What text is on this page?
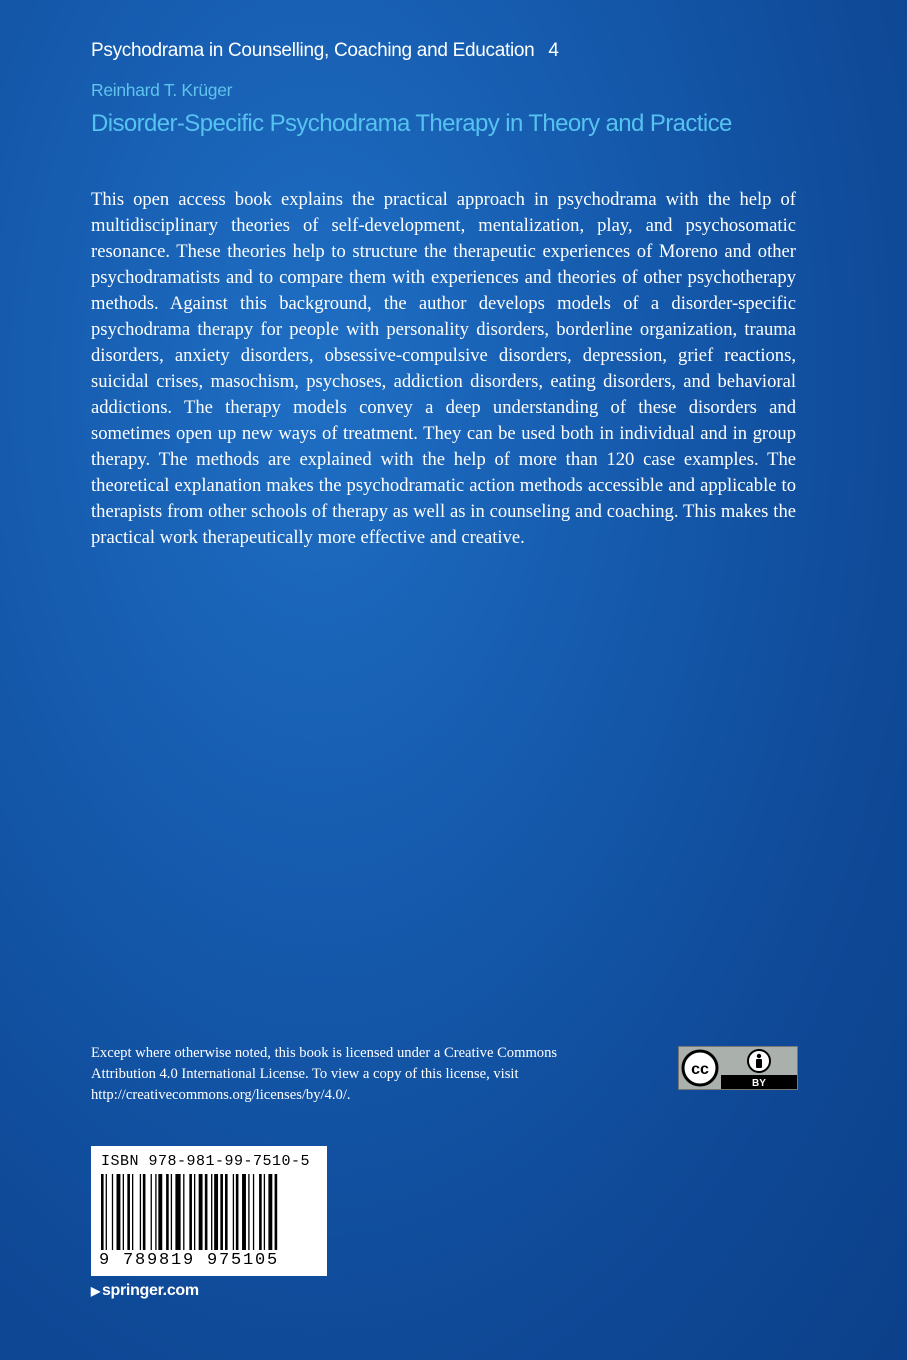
Psychodrama in Counselling, Coaching and Education 4
Reinhard T. Krüger
Disorder-Specific Psychodrama Therapy in Theory and Practice

This open access book explains the practical approach in psychodrama with the help of multidisciplinary theories of self-development, mentalization, play, and psychosomatic resonance. These theories help to structure the therapeutic experiences of Moreno and other psychodramatists and to compare them with experiences and theories of other psychotherapy methods. Against this background, the author develops models of a disorder-specific psychodrama therapy for people with personality disorders, borderline organization, trauma disorders, anxiety disorders, obsessive-compulsive disorders, depression, grief reactions, suicidal crises, masochism, psychoses, addiction disorders, eating disorders, and behavioral addictions. The therapy models convey a deep understanding of these disorders and sometimes open up new ways of treatment. They can be used both in individual and in group therapy. The methods are explained with the help of more than 120 case examples. The theoretical explanation makes the psychodramatic action methods accessible and applicable to therapists from other schools of therapy as well as in counseling and coaching. This makes the practical work therapeutically more effective and creative.

Except where otherwise noted, this book is licensed under a Creative Commons Attribution 4.0 International License. To view a copy of this license, visit http://creativecommons.org/licenses/by/4.0/.

cc
BY
ISBN 978-981-99-7510-5
9 789819 975105
▶ springer.com
